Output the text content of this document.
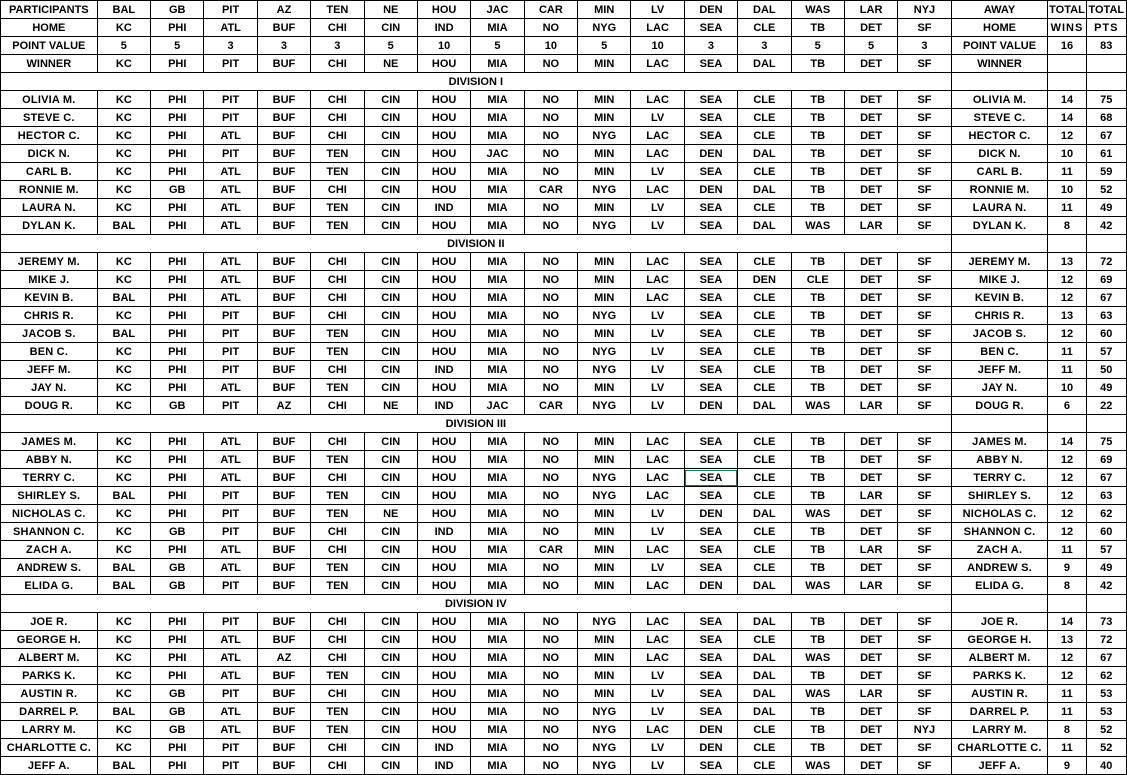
PARTICIPANTS	BAL	GB	PIT	AZ	TEN	NE	HOU	JAC	CAR	MIN	LV	DEN	DAL	WAS	LAR	NYJ	AWAY	TOTAL	TOTAL
HOME	KC	PHI	ATL	BUF	CHI	CIN	IND	MIA	NO	NYG	LAC	SEA	CLE	TB	DET	SF	HOME	WINS	PTS
POINT VALUE	5	5	3	3	3	5	10	5	10	5	10	3	3	5	5	3	POINT VALUE	16	83
WINNER	KC	PHI	PIT	BUF	CHI	NE	HOU	MIA	NO	MIN	LAC	SEA	DAL	TB	DET	SF	WINNER		
DIVISION I																			
OLIVIA M.	KC	PHI	PIT	BUF	CHI	CIN	HOU	MIA	NO	MIN	LAC	SEA	CLE	TB	DET	SF	OLIVIA M.	14	75
STEVE C.	KC	PHI	PIT	BUF	CHI	CIN	HOU	MIA	NO	MIN	LV	SEA	CLE	TB	DET	SF	STEVE C.	14	68
HECTOR C.	KC	PHI	ATL	BUF	CHI	CIN	HOU	MIA	NO	NYG	LAC	SEA	CLE	TB	DET	SF	HECTOR C.	12	67
DICK N.	KC	PHI	PIT	BUF	TEN	CIN	HOU	JAC	NO	MIN	LAC	DEN	DAL	TB	DET	SF	DICK N.	10	61
CARL B.	KC	PHI	ATL	BUF	TEN	CIN	HOU	MIA	NO	MIN	LV	SEA	CLE	TB	DET	SF	CARL B.	11	59
RONNIE M.	KC	GB	ATL	BUF	CHI	CIN	HOU	MIA	CAR	NYG	LAC	DEN	DAL	TB	DET	SF	RONNIE M.	10	52
LAURA N.	KC	PHI	ATL	BUF	TEN	CIN	IND	MIA	NO	MIN	LV	SEA	CLE	TB	DET	SF	LAURA N.	11	49
DYLAN K.	BAL	PHI	ATL	BUF	TEN	CIN	HOU	MIA	NO	NYG	LV	SEA	DAL	WAS	LAR	SF	DYLAN K.	8	42
DIVISION II																			
JEREMY M.	KC	PHI	ATL	BUF	CHI	CIN	HOU	MIA	NO	MIN	LAC	SEA	CLE	TB	DET	SF	JEREMY M.	13	72
MIKE J.	KC	PHI	ATL	BUF	CHI	CIN	HOU	MIA	NO	MIN	LAC	SEA	DEN	CLE	DET	SF	MIKE J.	12	69
KEVIN B.	BAL	PHI	ATL	BUF	CHI	CIN	HOU	MIA	NO	MIN	LAC	SEA	CLE	TB	DET	SF	KEVIN B.	12	67
CHRIS R.	KC	PHI	PIT	BUF	CHI	CIN	HOU	MIA	NO	NYG	LV	SEA	CLE	TB	DET	SF	CHRIS R.	13	63
JACOB S.	BAL	PHI	PIT	BUF	TEN	CIN	HOU	MIA	NO	MIN	LV	SEA	CLE	TB	DET	SF	JACOB S.	12	60
BEN C.	KC	PHI	PIT	BUF	TEN	CIN	HOU	MIA	NO	NYG	LV	SEA	CLE	TB	DET	SF	BEN C.	11	57
JEFF M.	KC	PHI	PIT	BUF	CHI	CIN	IND	MIA	NO	NYG	LV	SEA	CLE	TB	DET	SF	JEFF M.	11	50
JAY N.	KC	PHI	ATL	BUF	TEN	CIN	HOU	MIA	NO	MIN	LV	SEA	CLE	TB	DET	SF	JAY N.	10	49
DOUG R.	KC	GB	PIT	AZ	CHI	NE	IND	JAC	CAR	NYG	LV	DEN	DAL	WAS	LAR	SF	DOUG R.	6	22
DIVISION III																			
JAMES M.	KC	PHI	ATL	BUF	CHI	CIN	HOU	MIA	NO	MIN	LAC	SEA	CLE	TB	DET	SF	JAMES M.	14	75
ABBY N.	KC	PHI	ATL	BUF	TEN	CIN	HOU	MIA	NO	MIN	LAC	SEA	CLE	TB	DET	SF	ABBY N.	12	69
TERRY C.	KC	PHI	ATL	BUF	CHI	CIN	HOU	MIA	NO	NYG	LAC	SEA	CLE	TB	DET	SF	TERRY C.	12	67
SHIRLEY S.	BAL	PHI	PIT	BUF	TEN	CIN	HOU	MIA	NO	NYG	LAC	SEA	CLE	TB	LAR	SF	SHIRLEY S.	12	63
NICHOLAS C.	KC	PHI	PIT	BUF	TEN	NE	HOU	MIA	NO	MIN	LV	DEN	DAL	WAS	DET	SF	NICHOLAS C.	12	62
SHANNON C.	KC	GB	PIT	BUF	CHI	CIN	IND	MIA	NO	MIN	LV	SEA	CLE	TB	DET	SF	SHANNON C.	12	60
ZACH A.	KC	PHI	ATL	BUF	CHI	CIN	HOU	MIA	CAR	MIN	LAC	SEA	CLE	TB	LAR	SF	ZACH A.	11	57
ANDREW S.	BAL	GB	ATL	BUF	TEN	CIN	HOU	MIA	NO	MIN	LV	SEA	CLE	TB	DET	SF	ANDREW S.	9	49
ELIDA G.	BAL	GB	PIT	BUF	TEN	CIN	HOU	MIA	NO	MIN	LAC	DEN	DAL	WAS	LAR	SF	ELIDA G.	8	42
DIVISION IV																			
JOE R.	KC	PHI	PIT	BUF	CHI	CIN	HOU	MIA	NO	NYG	LAC	SEA	DAL	TB	DET	SF	JOE R.	14	73
GEORGE H.	KC	PHI	ATL	BUF	CHI	CIN	HOU	MIA	NO	MIN	LAC	SEA	CLE	TB	DET	SF	GEORGE H.	13	72
ALBERT M.	KC	PHI	ATL	AZ	CHI	CIN	HOU	MIA	NO	MIN	LAC	SEA	DAL	WAS	DET	SF	ALBERT M.	12	67
PARKS K.	KC	PHI	ATL	BUF	TEN	CIN	HOU	MIA	NO	MIN	LV	SEA	DAL	TB	DET	SF	PARKS K.	12	62
AUSTIN R.	KC	GB	PIT	BUF	CHI	CIN	HOU	MIA	NO	MIN	LV	SEA	DAL	WAS	LAR	SF	AUSTIN R.	11	53
DARREL P.	BAL	GB	ATL	BUF	TEN	CIN	HOU	MIA	NO	NYG	LV	SEA	DAL	TB	DET	SF	DARREL P.	11	53
LARRY M.	KC	GB	ATL	BUF	TEN	CIN	HOU	MIA	NO	NYG	LAC	DEN	CLE	TB	DET	NYJ	LARRY M.	8	52
CHARLOTTE C.	KC	PHI	PIT	BUF	CHI	CIN	IND	MIA	NO	NYG	LV	DEN	CLE	TB	DET	SF	CHARLOTTE C.	11	52
JEFF A.	BAL	PHI	PIT	BUF	CHI	CIN	IND	MIA	NO	NYG	LV	SEA	CLE	WAS	DET	SF	JEFF A.	9	40
